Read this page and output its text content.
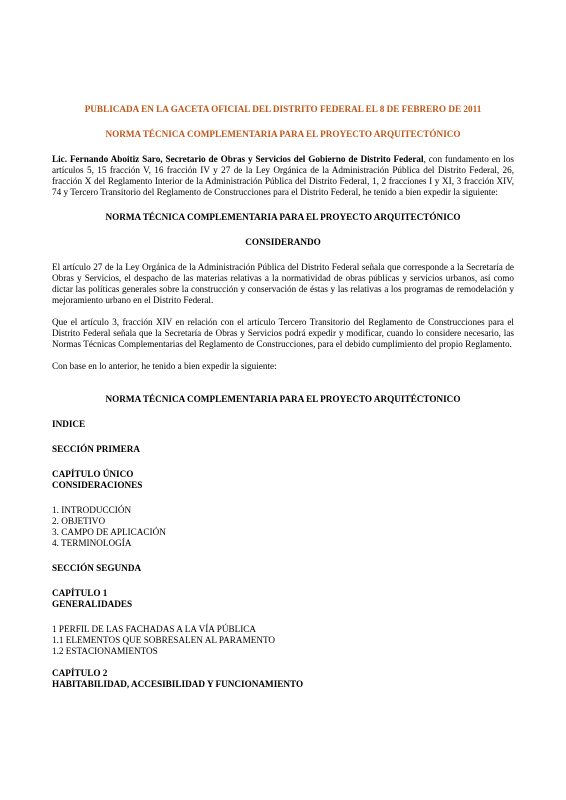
PUBLICADA EN LA GACETA OFICIAL DEL DISTRITO FEDERAL EL 8 DE FEBRERO DE 2011

NORMA TÉCNICA COMPLEMENTARIA PARA EL PROYECTO ARQUITECTÓNICO

Lic. Fernando Aboitiz Saro, Secretario de Obras y Servicios del Gobierno de Distrito Federal, con fundamento en los artículos 5, 15 fracción V, 16 fracción IV y 27 de la Ley Orgánica de la Administración Pública del Distrito Federal, 26, fracción X del Reglamento Interior de la Administración Pública del Distrito Federal, 1, 2 fracciones I y XI, 3 fracción XIV, 74 y Tercero Transitorio del Reglamento de Construcciones para el Distrito Federal, he tenido a bien expedir la siguiente:

NORMA TÉCNICA COMPLEMENTARIA PARA EL PROYECTO ARQUITECTÓNICO

CONSIDERANDO

El artículo 27 de la Ley Orgánica de la Administración Pública del Distrito Federal señala que corresponde a la Secretaría de Obras y Servicios, el despacho de las materias relativas a la normatividad de obras públicas y servicios urbanos, así como dictar las políticas generales sobre la construcción y conservación de éstas y las relativas a los programas de remodelación y mejoramiento urbano en el Distrito Federal.

Que el artículo 3, fracción XIV en relación con el artículo Tercero Transitorio del Reglamento de Construcciones para el Distrito Federal señala que la Secretaría de Obras y Servicios podrá expedir y modificar, cuando lo considere necesario, las Normas Técnicas Complementarias del Reglamento de Construcciones, para el debido cumplimiento del propio Reglamento.

Con base en lo anterior, he tenido a bien expedir la siguiente:

NORMA TÉCNICA COMPLEMENTARIA PARA EL PROYECTO ARQUITÉCTONICO

INDICE

SECCIÓN PRIMERA

CAPÍTULO ÚNICO

CONSIDERACIONES

1. INTRODUCCIÓN

2. OBJETIVO

3. CAMPO DE APLICACIÓN

4. TERMINOLOGÍA

SECCIÓN SEGUNDA

CAPÍTULO 1

GENERALIDADES

1 PERFIL DE LAS FACHADAS A LA VÍA PÚBLICA

1.1 ELEMENTOS QUE SOBRESALEN AL PARAMENTO

1.2 ESTACIONAMIENTOS

CAPÍTULO 2

HABITABILIDAD, ACCESIBILIDAD Y FUNCIONAMIENTO
